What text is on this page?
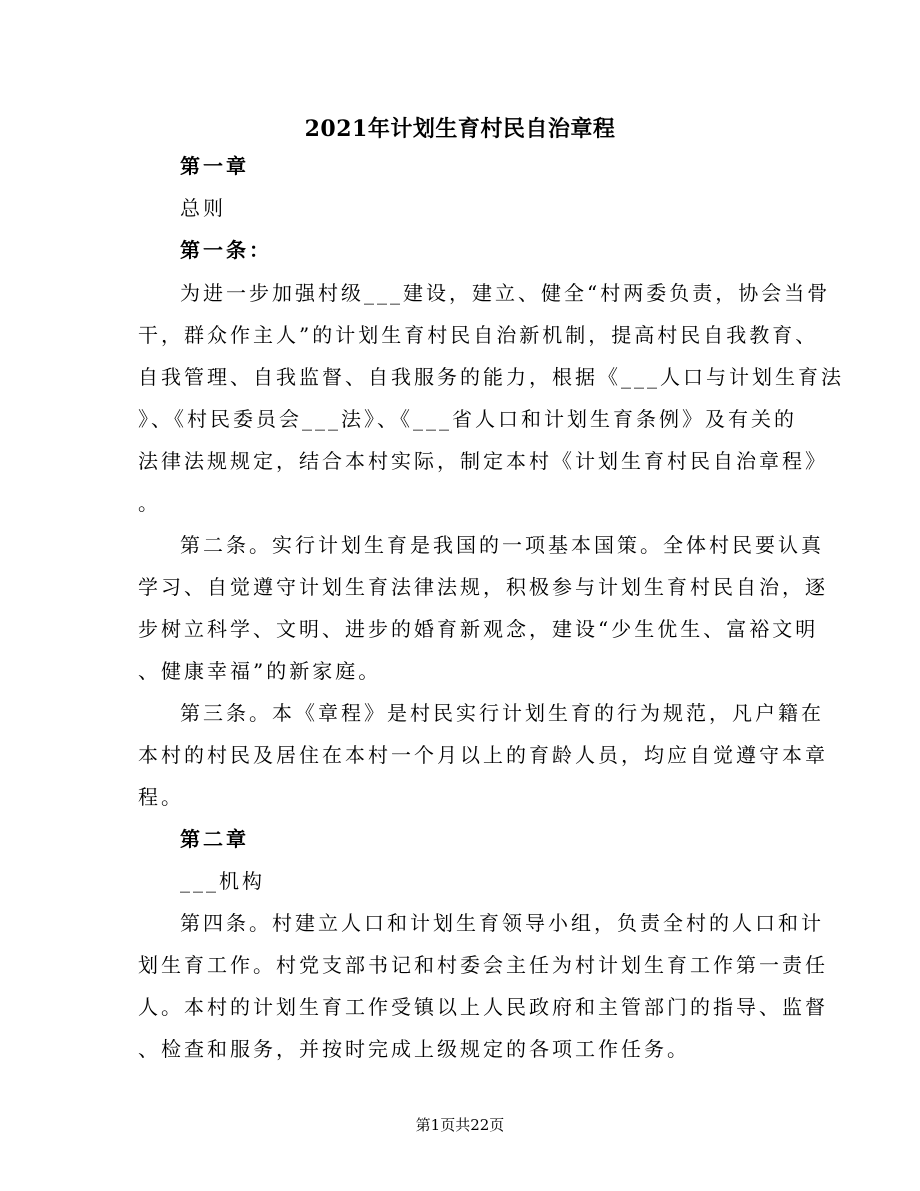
2021年计划生育村民自治章程
第一章
总则
第一条：
为进一步加强村级___建设，建立、健全“村两委负责，协会当骨
干，群众作主人”的计划生育村民自治新机制，提高村民自我教育、
自我管理、自我监督、自我服务的能力，根据《___人口与计划生育法
》、《村民委员会___法》、《___省人口和计划生育条例》及有关的
法律法规规定，结合本村实际，制定本村《计划生育村民自治章程》
。
第二条。实行计划生育是我国的一项基本国策。全体村民要认真
学习、自觉遵守计划生育法律法规，积极参与计划生育村民自治，逐
步树立科学、文明、进步的婚育新观念，建设“少生优生、富裕文明
、健康幸福”的新家庭。
第三条。本《章程》是村民实行计划生育的行为规范，凡户籍在
本村的村民及居住在本村一个月以上的育龄人员，均应自觉遵守本章
程。
第二章
___机构
第四条。村建立人口和计划生育领导小组，负责全村的人口和计
划生育工作。村党支部书记和村委会主任为村计划生育工作第一责任
人。本村的计划生育工作受镇以上人民政府和主管部门的指导、监督
、检查和服务，并按时完成上级规定的各项工作任务。
第1页共22页
